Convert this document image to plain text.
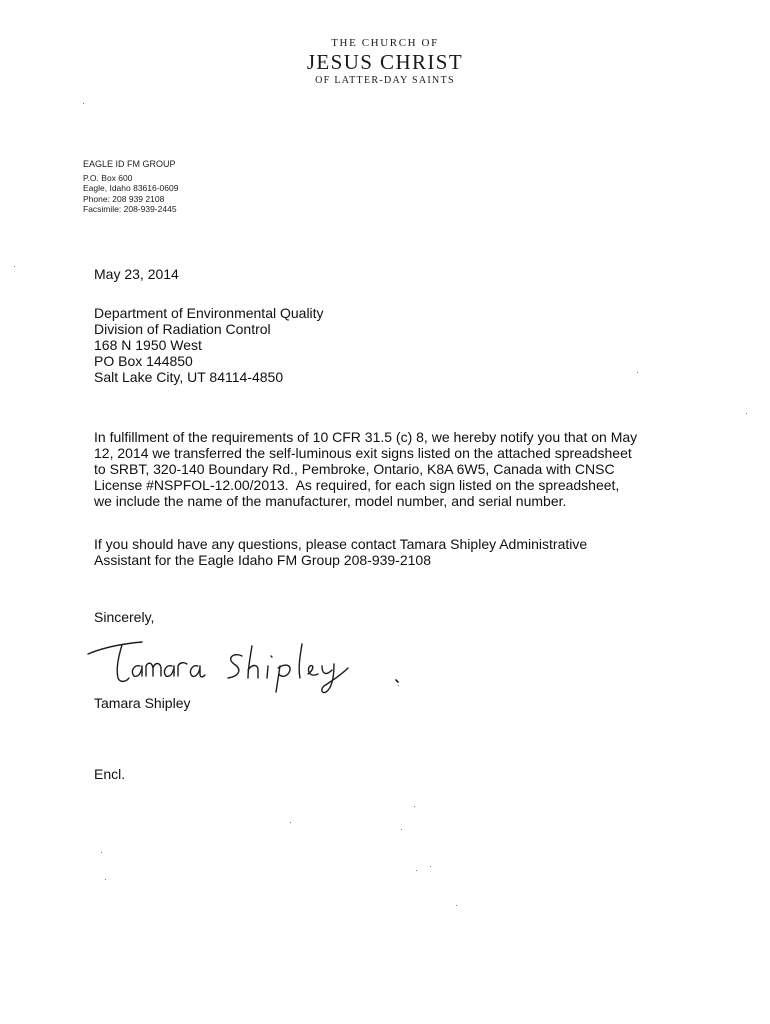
THE CHURCH OF
JESUS CHRIST
OF LATTER-DAY SAINTS
EAGLE ID FM GROUP
P.O. Box 600
Eagle, Idaho 83616-0609
Phone: 208 939 2108
Facsimile: 208-939-2445
May 23, 2014
Department of Environmental Quality
Division of Radiation Control
168 N 1950 West
PO Box 144850
Salt Lake City, UT 84114-4850
In fulfillment of the requirements of 10 CFR 31.5 (c) 8, we hereby notify you that on May
12, 2014 we transferred the self-luminous exit signs listed on the attached spreadsheet
to SRBT, 320-140 Boundary Rd., Pembroke, Ontario, K8A 6W5, Canada with CNSC
License #NSPFOL-12.00/2013.  As required, for each sign listed on the spreadsheet,
we include the name of the manufacturer, model number, and serial number.
If you should have any questions, please contact Tamara Shipley Administrative
Assistant for the Eagle Idaho FM Group 208-939-2108
Sincerely,
Tamara Shipley
Encl.
